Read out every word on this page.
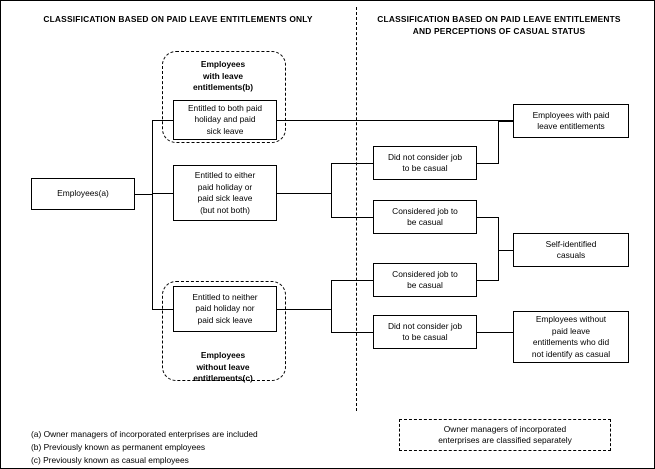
CLASSIFICATION BASED ON PAID LEAVE ENTITLEMENTS ONLY	CLASSIFICATION BASED ON PAID LEAVE ENTITLEMENTS
AND PERCEPTIONS OF CASUAL STATUS
Employees
with leave
entitlements(b)
Employees
without leave
entitlements(c)
Employees(a)
Entitled to both paid
holiday and paid
sick leave
Entitled to either
paid holiday or
paid sick leave
(but not both)
Entitled to neither
paid holiday nor
paid sick leave
Did not consider job
to be casual
Considered job to
be casual
Considered job to
be casual
Did not consider job
to be casual
Employees with paid
leave entitlements
Self-identified
casuals
Employees without
paid leave
entitlements who did
not identify as casual
(a) Owner managers of incorporated enterprises are included
(b) Previously known as permanent employees
(c) Previously known as casual employees
Owner managers of incorporated
enterprises are classified separately
